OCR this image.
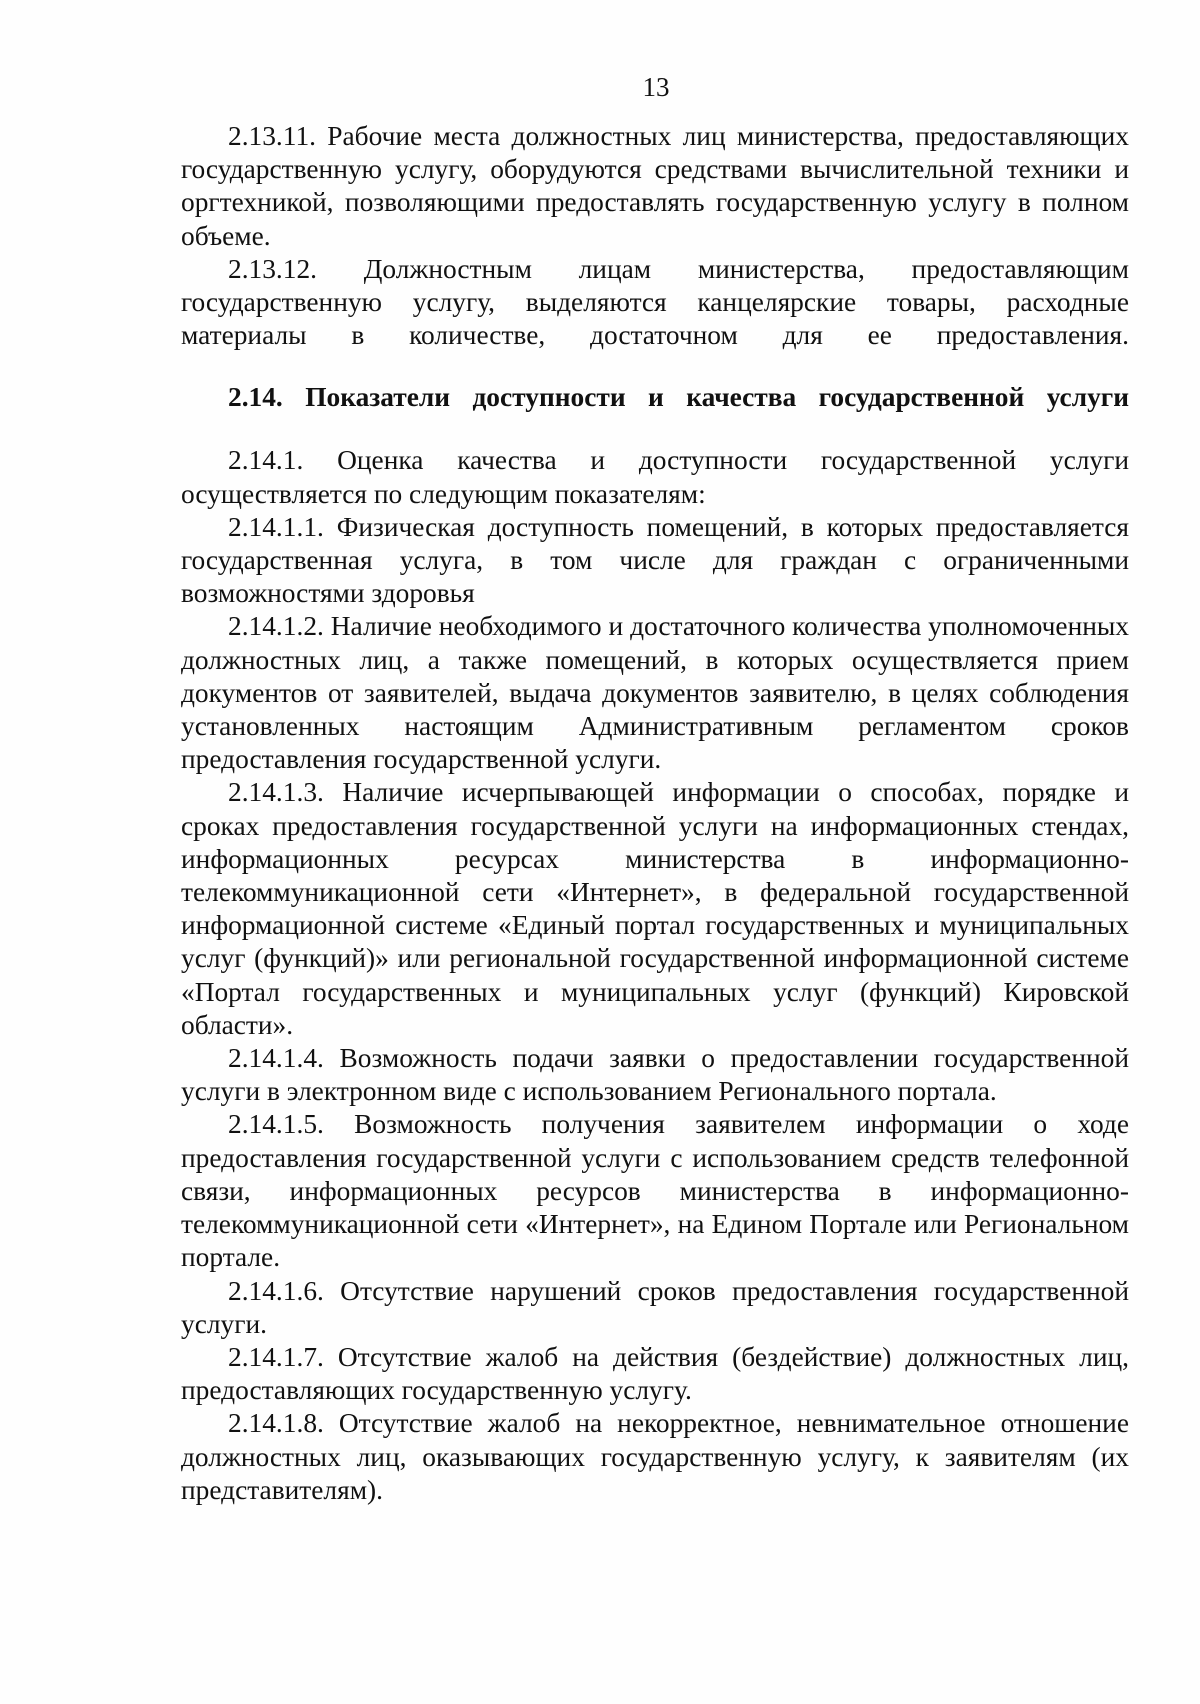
13

2.13.11. Рабочие места должностных лиц министерства, предоставляющих государственную услугу, оборудуются средствами вычислительной техники и оргтехникой, позволяющими предоставлять государственную услугу в полном объеме.

2.13.12. Должностным лицам министерства, предоставляющим государственную услугу, выделяются канцелярские товары, расходные материалы в количестве, достаточном для ее предоставления.

2.14. Показатели доступности и качества государственной услуги

2.14.1. Оценка качества и доступности государственной услуги осуществляется по следующим показателям:

2.14.1.1. Физическая доступность помещений, в которых предоставляется государственная услуга, в том числе для граждан с ограниченными возможностями здоровья

2.14.1.2. Наличие необходимого и достаточного количества уполномоченных должностных лиц, а также помещений, в которых осуществляется прием документов от заявителей, выдача документов заявителю, в целях соблюдения установленных настоящим Административным регламентом сроков предоставления государственной услуги.

2.14.1.3. Наличие исчерпывающей информации о способах, порядке и сроках предоставления государственной услуги на информационных стендах, информационных ресурсах министерства в информационно-телекоммуникационной сети «Интернет», в федеральной государственной информационной системе «Единый портал государственных и муниципальных услуг (функций)» или региональной государственной информационной системе «Портал государственных и муниципальных услуг (функций) Кировской области».

2.14.1.4. Возможность подачи заявки о предоставлении государственной услуги в электронном виде с использованием Регионального портала.

2.14.1.5. Возможность получения заявителем информации о ходе предоставления государственной услуги с использованием средств телефонной связи, информационных ресурсов министерства в информационно-телекоммуникационной сети «Интернет», на Едином Портале или Региональном портале.

2.14.1.6. Отсутствие нарушений сроков предоставления государственной услуги.

2.14.1.7. Отсутствие жалоб на действия (бездействие) должностных лиц, предоставляющих государственную услугу.

2.14.1.8. Отсутствие жалоб на некорректное, невнимательное отношение должностных лиц, оказывающих государственную услугу, к заявителям (их представителям).
